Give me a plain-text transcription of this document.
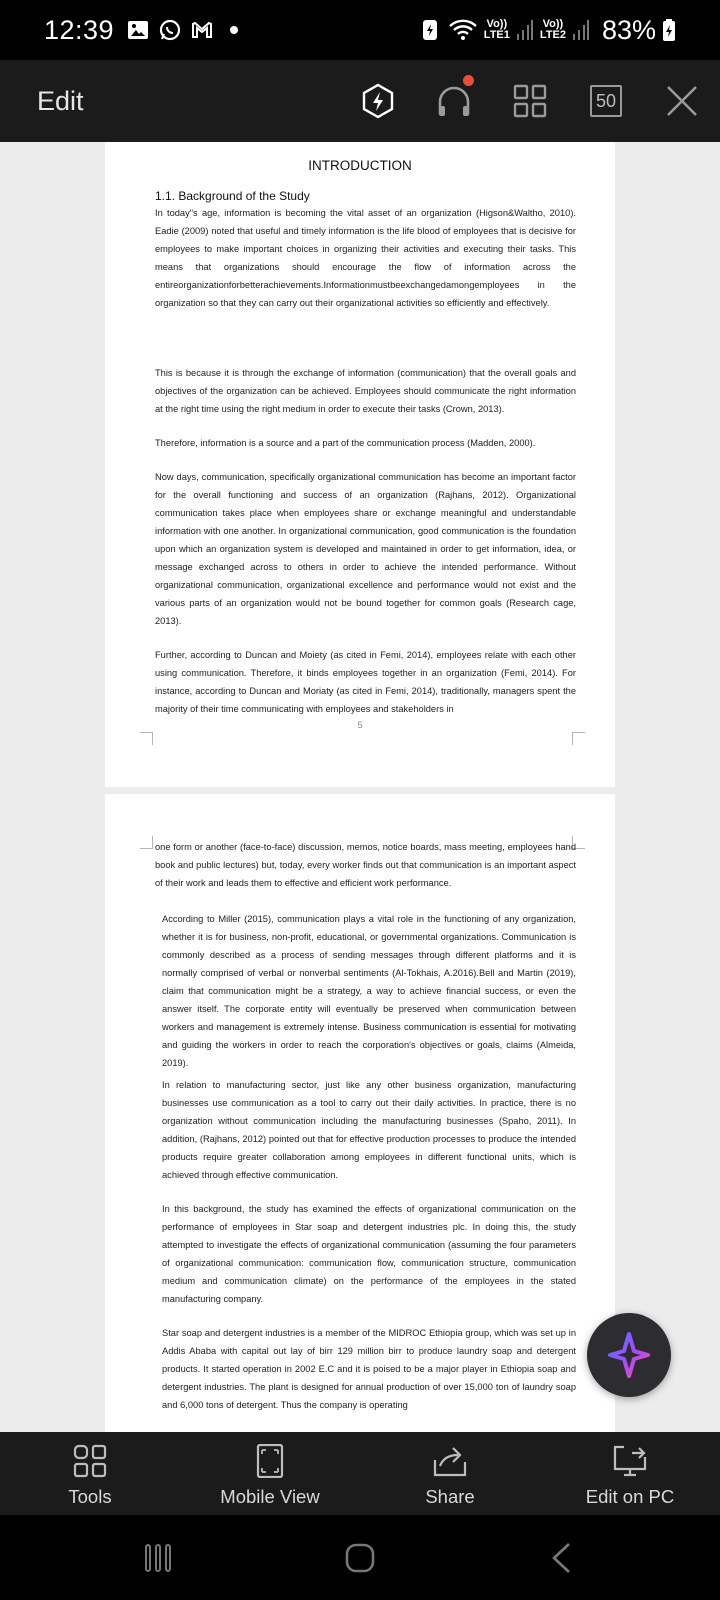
12:39	Vo))
LTE1
Vo))
LTE2 83%
Edit	50
INTRODUCTION
1.1. Background of the Study

In today"s age, information is becoming the vital asset of an organization (Higson&Waltho, 2010). Eadie (2009) noted that useful and timely information is the life blood of employees that is decisive for employees to make important choices in organizing their activities and executing their tasks. This means that organizations should encourage the flow of information across the entireorganizationforbetterachievements.Informationmustbeexchangedamongemployees in the organization so that they can carry out their organizational activities so efficiently and effectively.

This is because it is through the exchange of information (communication) that the overall goals and objectives of the organization can be achieved. Employees should communicate the right information at the right time using the right medium in order to execute their tasks (Crown, 2013).

Therefore, information is a source and a part of the communication process (Madden, 2000).

Now days, communication, specifically organizational communication has become an important factor for the overall functioning and success of an organization (Rajhans, 2012). Organizational communication takes place when employees share or exchange meaningful and understandable information with one another. In organizational communication, good communication is the foundation upon which an organization system is developed and maintained in order to get information, idea, or message exchanged across to others in order to achieve the intended performance. Without organizational communication, organizational excellence and performance would not exist and the various parts of an organization would not be bound together for common goals (Research cage, 2013).

Further, according to Duncan and Moiety (as cited in Femi, 2014), employees relate with each other using communication. Therefore, it binds employees together in an organization (Femi, 2014). For instance, according to Duncan and Moriaty (as cited in Femi, 2014), traditionally, managers spent the majority of their time communicating with employees and stakeholders in

5

one form or another (face-to-face) discussion, memos, notice boards, mass meeting, employees hand book and public lectures) but, today, every worker finds out that communication is an important aspect of their work and leads them to effective and efficient work performance.

According to Miller (2015), communication plays a vital role in the functioning of any organization, whether it is for business, non-profit, educational, or governmental organizations. Communication is commonly described as a process of sending messages through different platforms and it is normally comprised of verbal or nonverbal sentiments (Al-Tokhais, A.2016).Bell and Martin (2019), claim that communication might be a strategy, a way to achieve financial success, or even the answer itself. The corporate entity will eventually be preserved when communication between workers and management is extremely intense. Business communication is essential for motivating and guiding the workers in order to reach the corporation's objectives or goals, claims (Almeida, 2019).

In relation to manufacturing sector, just like any other business organization, manufacturing businesses use communication as a tool to carry out their daily activities. In practice, there is no organization without communication including the manufacturing businesses (Spaho, 2011). In addition, (Rajhans, 2012) pointed out that for effective production processes to produce the intended products require greater collaboration among employees in different functional units, which is achieved through effective communication.

In this background, the study has examined the effects of organizational communication on the performance of employees in Star soap and detergent industries plc. In doing this, the study attempted to investigate the effects of organizational communication (assuming the four parameters of organizational communication: communication flow, communication structure, communication medium and communication climate) on the performance of the employees in the stated manufacturing company.

Star soap and detergent industries is a member of the MIDROC Ethiopia group, which was set up in Addis Ababa with capital out lay of birr 129 million birr to produce laundry soap and detergent products. It started operation in 2002 E.C and it is poised to be a major player in Ethiopia soap and detergent industries. The plant is designed for annual production of over 15,000 ton of laundry soap and 6,000 tons of detergent. Thus the company is operating

Tools	Mobile View	Share	Edit on PC
